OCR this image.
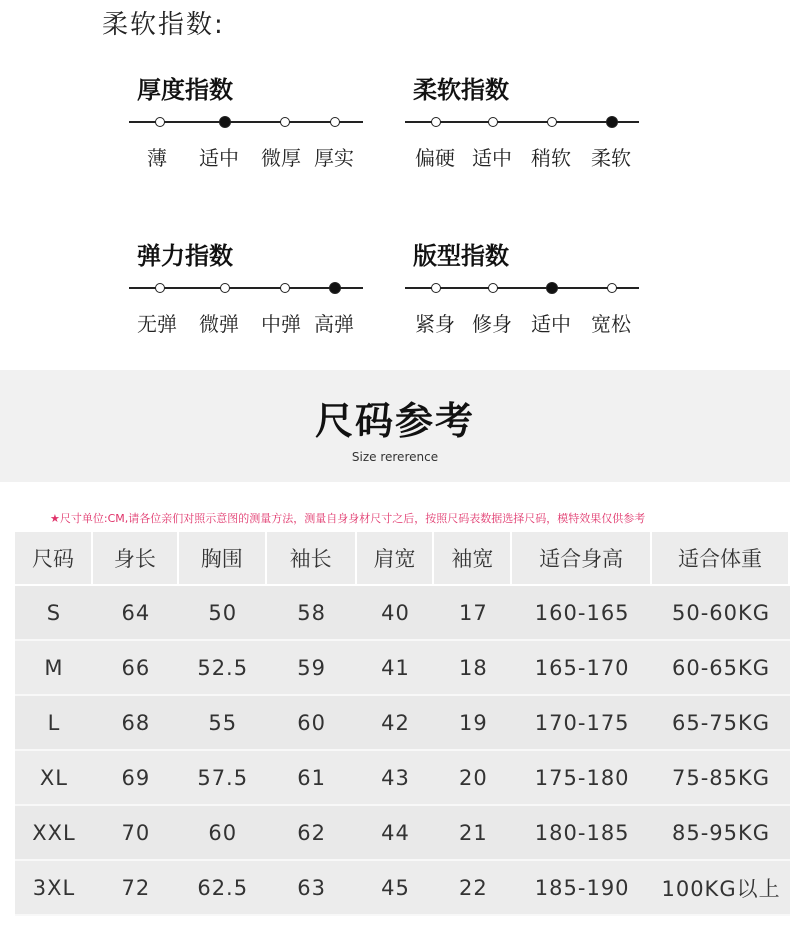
柔软指数:
厚度指数
薄 适中 微厚 厚实
柔软指数
偏硬 适中 稍软 柔软
弹力指数
无弹 微弹 中弹 高弹
版型指数
紧身 修身 适中 宽松
尺码参考
Size rererence
★尺寸单位:CM,请各位亲们对照示意图的测量方法，测量自身身材尺寸之后，按照尺码表数据选择尺码，模特效果仅供参考
尺码	身长	胸围	袖长	肩宽	袖宽	适合身高	适合体重
S	64	50	58	40	17	160-165	50-60KG
M	66	52.5	59	41	18	165-170	60-65KG
L	68	55	60	42	19	170-175	65-75KG
XL	69	57.5	61	43	20	175-180	75-85KG
XXL	70	60	62	44	21	180-185	85-95KG
3XL	72	62.5	63	45	22	185-190	100KG以上
